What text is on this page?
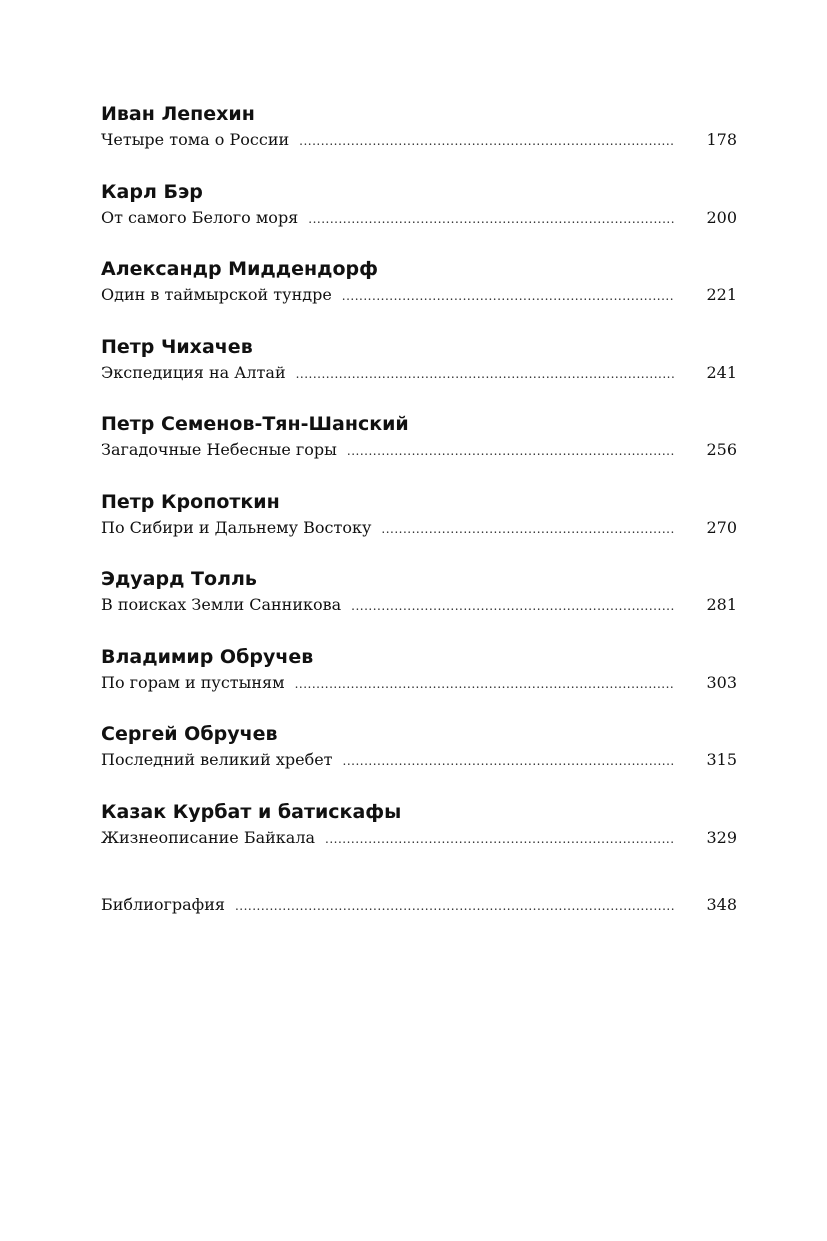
Иван Лепехин
Четыре тома о России .....	178
Карл Бэр
От самого Белого моря .....	200
Александр Миддендорф
Один в таймырской тундре .....	221
Петр Чихачев
Экспедиция на Алтай .....	241
Петр Семенов-Тян-Шанский
Загадочные Небесные горы .....	256
Петр Кропоткин
По Сибири и Дальнему Востоку .....	270
Эдуард Толль
В поисках Земли Санникова .....	281
Владимир Обручев
По горам и пустыням .....	303
Сергей Обручев
Последний великий хребет .....	315
Казак Курбат и батискафы
Жизнеописание Байкала .....	329
Библиография .....	348
